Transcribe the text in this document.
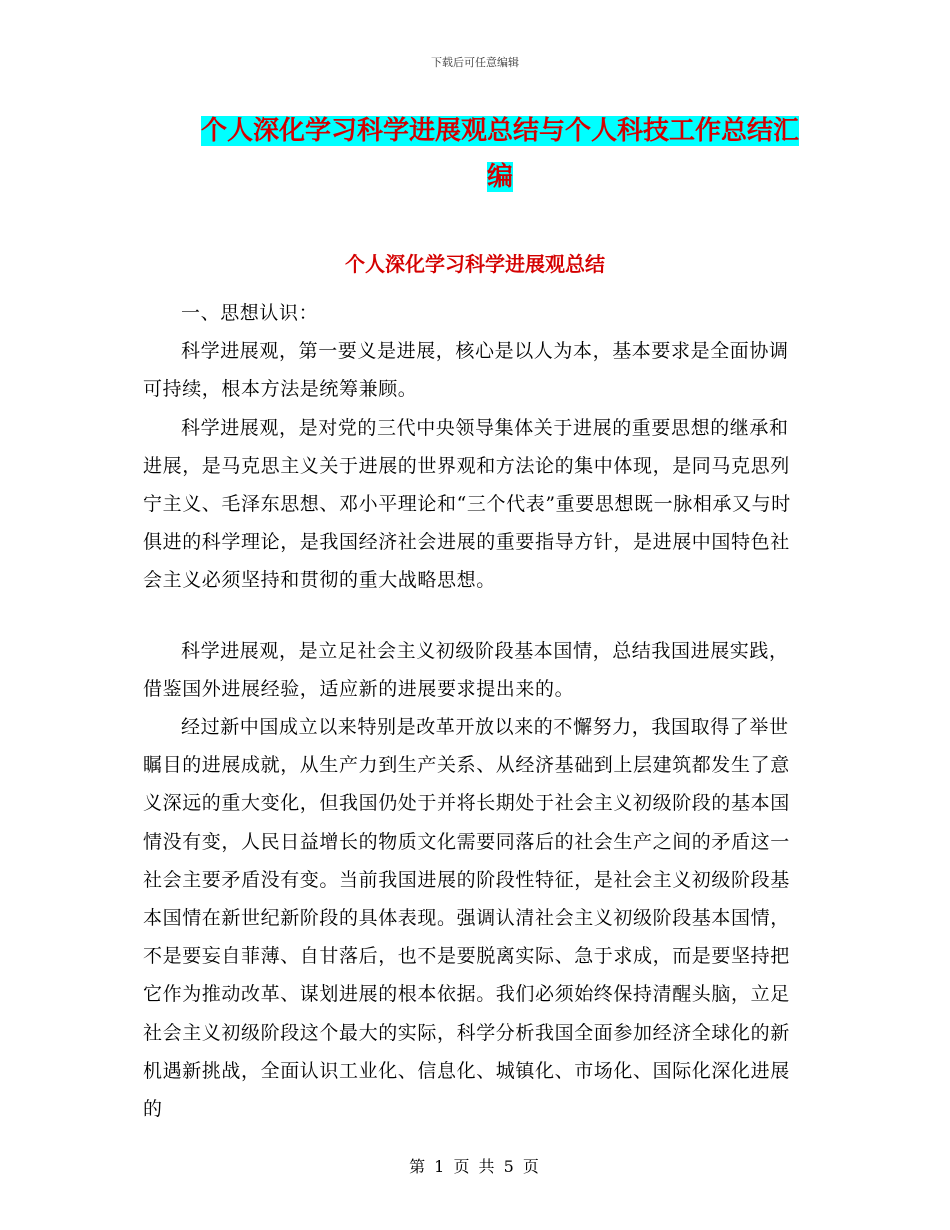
下载后可任意编辑
个人深化学习科学进展观总结与个人科技工作总结汇
编
个人深化学习科学进展观总结

一、思想认识：

科学进展观，第一要义是进展，核心是以人为本，基本要求是全面协调可持续，根本方法是统筹兼顾。

科学进展观，是对党的三代中央领导集体关于进展的重要思想的继承和进展，是马克思主义关于进展的世界观和方法论的集中体现，是同马克思列宁主义、毛泽东思想、邓小平理论和“三个代表”重要思想既一脉相承又与时俱进的科学理论，是我国经济社会进展的重要指导方针，是进展中国特色社会主义必须坚持和贯彻的重大战略思想。

科学进展观，是立足社会主义初级阶段基本国情，总结我国进展实践，借鉴国外进展经验，适应新的进展要求提出来的。

经过新中国成立以来特别是改革开放以来的不懈努力，我国取得了举世瞩目的进展成就，从生产力到生产关系、从经济基础到上层建筑都发生了意义深远的重大变化，但我国仍处于并将长期处于社会主义初级阶段的基本国情没有变，人民日益增长的物质文化需要同落后的社会生产之间的矛盾这一社会主要矛盾没有变。当前我国进展的阶段性特征，是社会主义初级阶段基本国情在新世纪新阶段的具体表现。强调认清社会主义初级阶段基本国情，不是要妄自菲薄、自甘落后，也不是要脱离实际、急于求成，而是要坚持把它作为推动改革、谋划进展的根本依据。我们必须始终保持清醒头脑，立足社会主义初级阶段这个最大的实际，科学分析我国全面参加经济全球化的新机遇新挑战，全面认识工业化、信息化、城镇化、市场化、国际化深化进展的

第 1 页 共 5 页
